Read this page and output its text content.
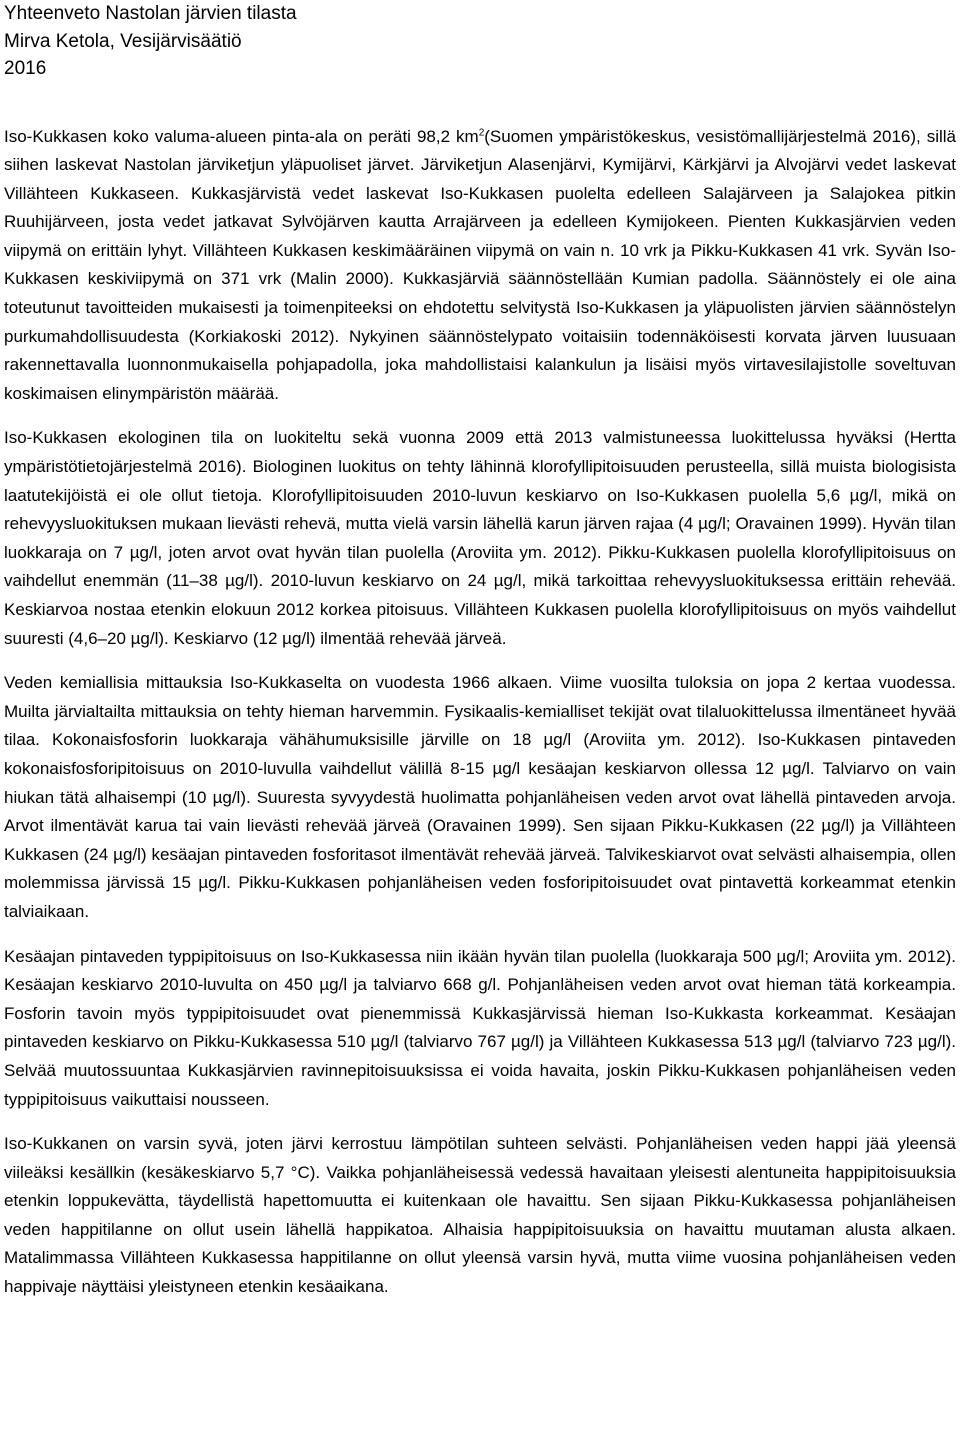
Yhteenveto Nastolan järvien tilasta

Mirva Ketola, Vesijärvisäätiö

2016

Iso-Kukkasen koko valuma-alueen pinta-ala on peräti 98,2 $km^2(Suomen$ ympäristökeskus, vesistömallijärjestelmä 2016), sillä siihen laskevat Nastolan järviketjun yläpuoliset järvet. Järviketjun Alasenjärvi, Kymijärvi, Kärkjärvi ja Alvojärvi vedet laskevat Villähteen Kukkaseen. Kukkasjärvistä vedet laskevat Iso-Kukkasen puolelta edelleen Salajärveen ja Salajokea pitkin Ruuhijärveen, josta vedet jatkavat Sylvöjärven kautta Arrajärveen ja edelleen Kymijokeen. Pienten Kukkasjärvien veden viipymä on erittäin lyhyt. Villähteen Kukkasen keskimääräinen viipymä on vain n. 10 vrk ja Pikku-Kukkasen 41 vrk. Syvän Iso-Kukkasen keskiviipymä on 371 vrk (Malin 2000). Kukkasjärviä säännöstellään Kumian padolla. Säännöstely ei ole aina toteutunut tavoitteiden mukaisesti ja toimenpiteeksi on ehdotettu selvitystä Iso-Kukkasen ja yläpuolisten järvien säännöstelyn purkumahdollisuudesta (Korkiakoski 2012). Nykyinen säännöstelypato voitaisiin todennäköisesti korvata järven luusuaan rakennettavalla luonnonmukaisella pohjapadolla, joka mahdollistaisi kalankulun ja lisäisi myös virtavesilajistolle soveltuvan koskimaisen elinympäristön määrää.

Iso-Kukkasen ekologinen tila on luokiteltu sekä vuonna 2009 että 2013 valmistuneessa luokittelussa hyväksi (Hertta ympäristötietojärjestelmä 2016). Biologinen luokitus on tehty lähinnä klorofyllipitoisuuden perusteella, sillä muista biologisista laatutekijöistä ei ole ollut tietoja. Klorofyllipitoisuuden 2010-luvun keskiarvo on Iso-Kukkasen puolella 5,6 µg/l, mikä on rehevyysluokituksen mukaan lievästi rehevä, mutta vielä varsin lähellä karun järven rajaa (4 µg/l; Oravainen 1999). Hyvän tilan luokkaraja on 7 µg/l, joten arvot ovat hyvän tilan puolella (Aroviita ym. 2012). Pikku-Kukkasen puolella klorofyllipitoisuus on vaihdellut enemmän (11–38 µg/l). 2010-luvun keskiarvo on 24 µg/l, mikä tarkoittaa rehevyysluokituksessa erittäin rehevää. Keskiarvoa nostaa etenkin elokuun 2012 korkea pitoisuus. Villähteen Kukkasen puolella klorofyllipitoisuus on myös vaihdellut suuresti (4,6–20 µg/l). Keskiarvo (12 µg/l) ilmentää rehevää järveä.

Veden kemiallisia mittauksia Iso-Kukkaselta on vuodesta 1966 alkaen. Viime vuosilta tuloksia on jopa 2 kertaa vuodessa. Muilta järvialtailta mittauksia on tehty hieman harvemmin. Fysikaalis-kemialliset tekijät ovat tilaluokittelussa ilmentäneet hyvää tilaa. Kokonaisfosforin luokkaraja vähähumuksisille järville on 18 µg/l (Aroviita ym. 2012). Iso-Kukkasen pintaveden kokonaisfosforipitoisuus on 2010-luvulla vaihdellut välillä 8-15 µg/l kesäajan keskiarvon ollessa 12 µg/l. Talviarvo on vain hiukan tätä alhaisempi (10 µg/l). Suuresta syvyydestä huolimatta pohjanläheisen veden arvot ovat lähellä pintaveden arvoja. Arvot ilmentävät karua tai vain lievästi rehevää järveä (Oravainen 1999). Sen sijaan Pikku-Kukkasen (22 µg/l) ja Villähteen Kukkasen (24 µg/l) kesäajan pintaveden fosforitasot ilmentävät rehevää järveä. Talvikeskiarvot ovat selvästi alhaisempia, ollen molemmissa järvissä 15 µg/l. Pikku-Kukkasen pohjanläheisen veden fosforipitoisuudet ovat pintavettä korkeammat etenkin talviaikaan.

Kesäajan pintaveden typpipitoisuus on Iso-Kukkasessa niin ikään hyvän tilan puolella (luokkaraja 500 µg/l; Aroviita ym. 2012). Kesäajan keskiarvo 2010-luvulta on 450 µg/l ja talviarvo 668 g/l. Pohjanläheisen veden arvot ovat hieman tätä korkeampia. Fosforin tavoin myös typpipitoisuudet ovat pienemmissä Kukkasjärvissä hieman Iso-Kukkasta korkeammat. Kesäajan pintaveden keskiarvo on Pikku-Kukkasessa 510 µg/l (talviarvo 767 µg/l) ja Villähteen Kukkasessa 513 µg/l (talviarvo 723 µg/l). Selvää muutossuuntaa Kukkasjärvien ravinnepitoisuuksissa ei voida havaita, joskin Pikku-Kukkasen pohjanläheisen veden typpipitoisuus vaikuttaisi nousseen.

Iso-Kukkanen on varsin syvä, joten järvi kerrostuu lämpötilan suhteen selvästi. Pohjanläheisen veden happi jää yleensä viileäksi kesällkin (kesäkeskiarvo 5,7 °C). Vaikka pohjanläheisessä vedessä havaitaan yleisesti alentuneita happipitoisuuksia etenkin loppukevätta, täydellistä hapettomuutta ei kuitenkaan ole havaittu. Sen sijaan Pikku-Kukkasessa pohjanläheisen veden happitilanne on ollut usein lähellä happikatoa. Alhaisia happipitoisuuksia on havaittu muutaman alusta alkaen. Matalimmassa Villähteen Kukkasessa happitilanne on ollut yleensä varsin hyvä, mutta viime vuosina pohjanläheisen veden happivaje näyttäisi yleistyneen etenkin kesäaikana.
